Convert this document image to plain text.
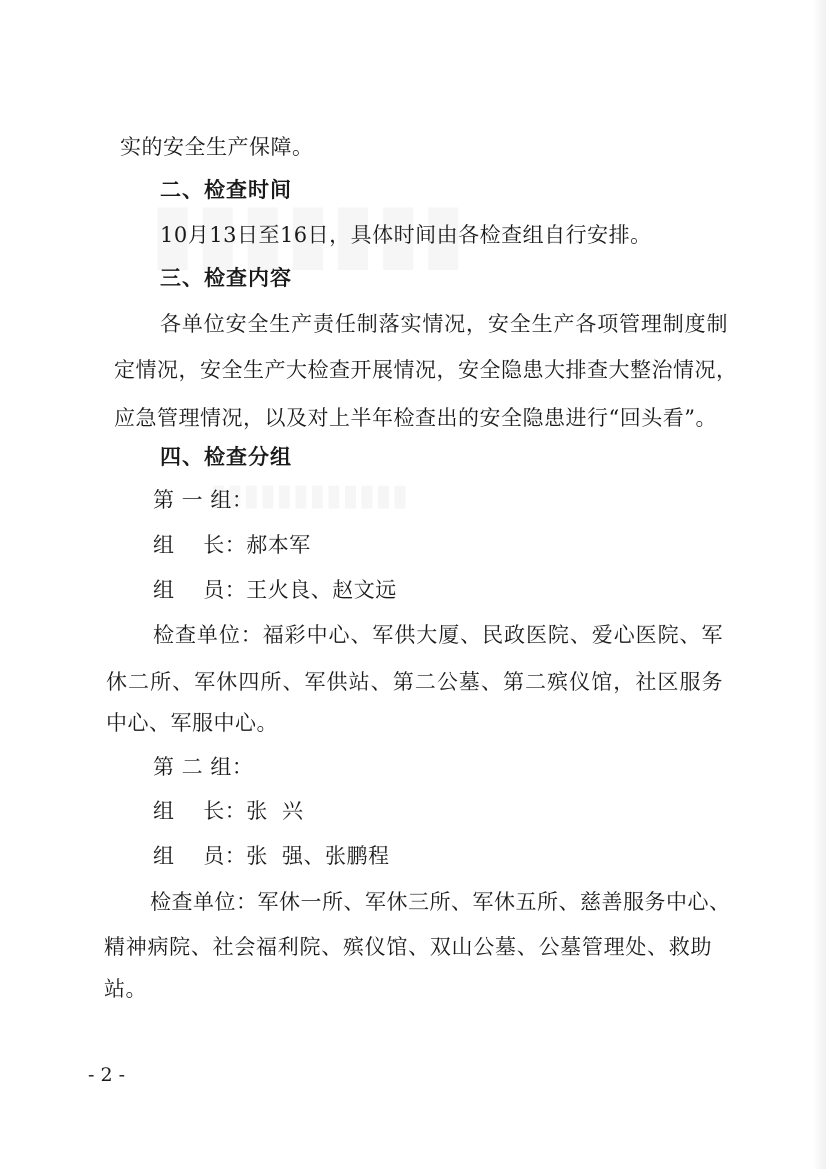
实的安全生产保障。
二、检查时间
10月13日至16日，具体时间由各检查组自行安排。
三、检查内容
各单位安全生产责任制落实情况，安全生产各项管理制度制
定情况，安全生产大检查开展情况，安全隐患大排查大整治情况，
应急管理情况，以及对上半年检查出的安全隐患进行“回头看”。
四、检查分组
第 一 组：
组    长：郝本军
组    员：王火良、赵文远
检查单位：福彩中心、军供大厦、民政医院、爱心医院、军
休二所、军休四所、军供站、第二公墓、第二殡仪馆，社区服务
中心、军服中心。
第 二 组：
组    长：张  兴
组    员：张  强、张鹏程
检查单位：军休一所、军休三所、军休五所、慈善服务中心、
精神病院、社会福利院、殡仪馆、双山公墓、公墓管理处、救助
站。
- 2 -
